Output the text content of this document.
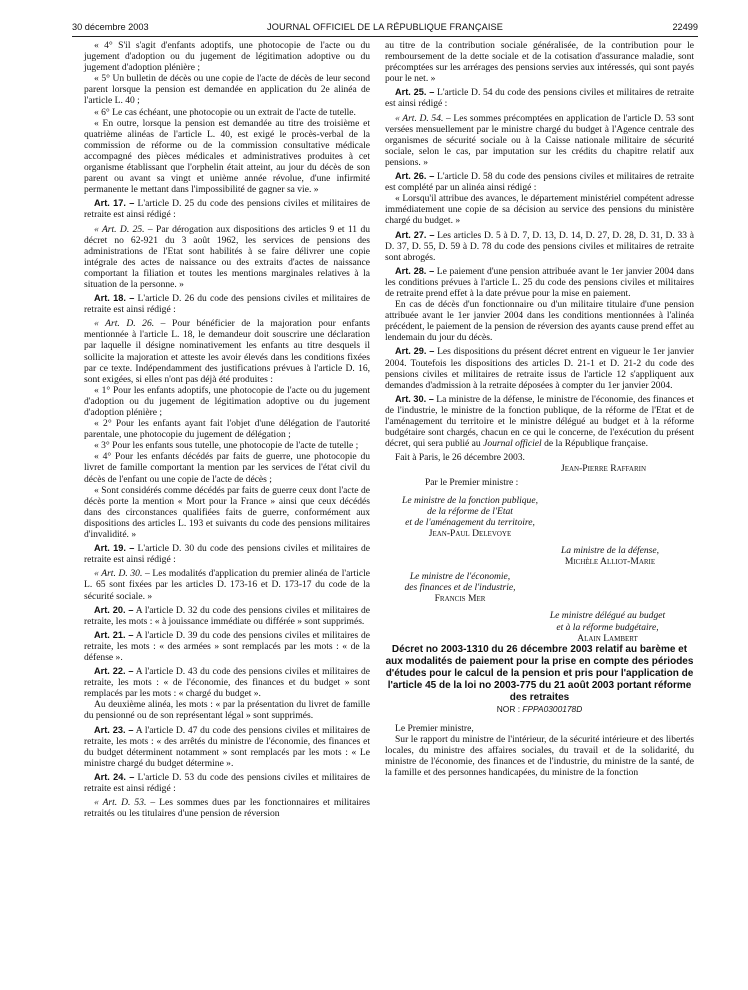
30 décembre 2003	JOURNAL OFFICIEL DE LA RÉPUBLIQUE FRANÇAISE	22499

« 4° S'il s'agit d'enfants adoptifs, une photocopie de l'acte ou du jugement d'adoption ou du jugement de légitimation adoptive ou du jugement d'adoption plénière ;

« 5° Un bulletin de décès ou une copie de l'acte de décès de leur second parent lorsque la pension est demandée en application du 2e alinéa de l'article L. 40 ;

« 6° Le cas échéant, une photocopie ou un extrait de l'acte de tutelle.

« En outre, lorsque la pension est demandée au titre des troisième et quatrième alinéas de l'article L. 40, est exigé le procès-verbal de la commission de réforme ou de la commission consultative médicale accompagné des pièces médicales et administratives produites à cet organisme établissant que l'orphelin était atteint, au jour du décès de son parent ou avant sa vingt et unième année révolue, d'une infirmité permanente le mettant dans l'impossibilité de gagner sa vie. »

Art. 17. – L'article D. 25 du code des pensions civiles et militaires de retraite est ainsi rédigé :

« Art. D. 25. – Par dérogation aux dispositions des articles 9 et 11 du décret no 62-921 du 3 août 1962, les services de pensions des administrations de l'Etat sont habilités à se faire délivrer une copie intégrale des actes de naissance ou des extraits d'actes de naissance comportant la filiation et toutes les mentions marginales relatives à la situation de la personne. »

Art. 18. – L'article D. 26 du code des pensions civiles et militaires de retraite est ainsi rédigé :

« Art. D. 26. – Pour bénéficier de la majoration pour enfants mentionnée à l'article L. 18, le demandeur doit souscrire une déclaration par laquelle il désigne nominativement les enfants au titre desquels il sollicite la majoration et atteste les avoir élevés dans les conditions fixées par ce texte. Indépendamment des justifications prévues à l'article D. 16, sont exigées, si elles n'ont pas déjà été produites :

« 1° Pour les enfants adoptifs, une photocopie de l'acte ou du jugement d'adoption ou du jugement de légitimation adoptive ou du jugement d'adoption plénière ;

« 2° Pour les enfants ayant fait l'objet d'une délégation de l'autorité parentale, une photocopie du jugement de délégation ;

« 3° Pour les enfants sous tutelle, une photocopie de l'acte de tutelle ;

« 4° Pour les enfants décédés par faits de guerre, une photocopie du livret de famille comportant la mention par les services de l'état civil du décès de l'enfant ou une copie de l'acte de décès ;

« Sont considérés comme décédés par faits de guerre ceux dont l'acte de décès porte la mention « Mort pour la France » ainsi que ceux décédés dans des circonstances qualifiées faits de guerre, conformément aux dispositions des articles L. 193 et suivants du code des pensions militaires d'invalidité. »

Art. 19. – L'article D. 30 du code des pensions civiles et militaires de retraite est ainsi rédigé :

« Art. D. 30. – Les modalités d'application du premier alinéa de l'article L. 65 sont fixées par les articles D. 173-16 et D. 173-17 du code de la sécurité sociale. »

Art. 20. – A l'article D. 32 du code des pensions civiles et militaires de retraite, les mots : « à jouissance immédiate ou différée » sont supprimés.

Art. 21. – A l'article D. 39 du code des pensions civiles et militaires de retraite, les mots : « des armées » sont remplacés par les mots : « de la défense ».

Art. 22. – A l'article D. 43 du code des pensions civiles et militaires de retraite, les mots : « de l'économie, des finances et du budget » sont remplacés par les mots : « chargé du budget ».

Au deuxième alinéa, les mots : « par la présentation du livret de famille du pensionné ou de son représentant légal » sont supprimés.

Art. 23. – A l'article D. 47 du code des pensions civiles et militaires de retraite, les mots : « des arrêtés du ministre de l'économie, des finances et du budget déterminent notamment » sont remplacés par les mots : « Le ministre chargé du budget détermine ».

Art. 24. – L'article D. 53 du code des pensions civiles et militaires de retraite est ainsi rédigé :

« Art. D. 53. – Les sommes dues par les fonctionnaires et militaires retraités ou les titulaires d'une pension de réversion

au titre de la contribution sociale généralisée, de la contribution pour le remboursement de la dette sociale et de la cotisation d'assurance maladie, sont précomptées sur les arrérages des pensions servies aux intéressés, qui sont payés pour le net. »

Art. 25. – L'article D. 54 du code des pensions civiles et militaires de retraite est ainsi rédigé :

« Art. D. 54. – Les sommes précomptées en application de l'article D. 53 sont versées mensuellement par le ministre chargé du budget à l'Agence centrale des organismes de sécurité sociale ou à la Caisse nationale militaire de sécurité sociale, selon le cas, par imputation sur les crédits du chapitre relatif aux pensions. »

Art. 26. – L'article D. 58 du code des pensions civiles et militaires de retraite est complété par un alinéa ainsi rédigé :

« Lorsqu'il attribue des avances, le département ministériel compétent adresse immédiatement une copie de sa décision au service des pensions du ministère chargé du budget. »

Art. 27. – Les articles D. 5 à D. 7, D. 13, D. 14, D. 27, D. 28, D. 31, D. 33 à D. 37, D. 55, D. 59 à D. 78 du code des pensions civiles et militaires de retraite sont abrogés.

Art. 28. – Le paiement d'une pension attribuée avant le 1er janvier 2004 dans les conditions prévues à l'article L. 25 du code des pensions civiles et militaires de retraite prend effet à la date prévue pour la mise en paiement.

En cas de décès d'un fonctionnaire ou d'un militaire titulaire d'une pension attribuée avant le 1er janvier 2004 dans les conditions mentionnées à l'alinéa précédent, le paiement de la pension de réversion des ayants cause prend effet au lendemain du jour du décès.

Art. 29. – Les dispositions du présent décret entrent en vigueur le 1er janvier 2004. Toutefois les dispositions des articles D. 21-1 et D. 21-2 du code des pensions civiles et militaires de retraite issus de l'article 12 s'appliquent aux demandes d'admission à la retraite déposées à compter du 1er janvier 2004.

Art. 30. – La ministre de la défense, le ministre de l'économie, des finances et de l'industrie, le ministre de la fonction publique, de la réforme de l'Etat et de l'aménagement du territoire et le ministre délégué au budget et à la réforme budgétaire sont chargés, chacun en ce qui le concerne, de l'exécution du présent décret, qui sera publié au Journal officiel de la République française.

Fait à Paris, le 26 décembre 2003.

Jean-Pierre Raffarin

Par le Premier ministre :

Le ministre de la fonction publique,
de la réforme de l'Etat
et de l'aménagement du territoire,
Jean-Paul Delevoye
La ministre de la défense,
Michèle Alliot-Marie
Le ministre de l'économie,
des finances et de l'industrie,
Francis Mer
Le ministre délégué au budget
et à la réforme budgétaire,
Alain Lambert

Décret no 2003-1310 du 26 décembre 2003 relatif au barème et aux modalités de paiement pour la prise en compte des périodes d'études pour le calcul de la pension et pris pour l'application de l'article 45 de la loi no 2003-775 du 21 août 2003 portant réforme des retraites

NOR : FPPA0300178D

Le Premier ministre,

Sur le rapport du ministre de l'intérieur, de la sécurité intérieure et des libertés locales, du ministre des affaires sociales, du travail et de la solidarité, du ministre de l'économie, des finances et de l'industrie, du ministre de la santé, de la famille et des personnes handicapées, du ministre de la fonction
